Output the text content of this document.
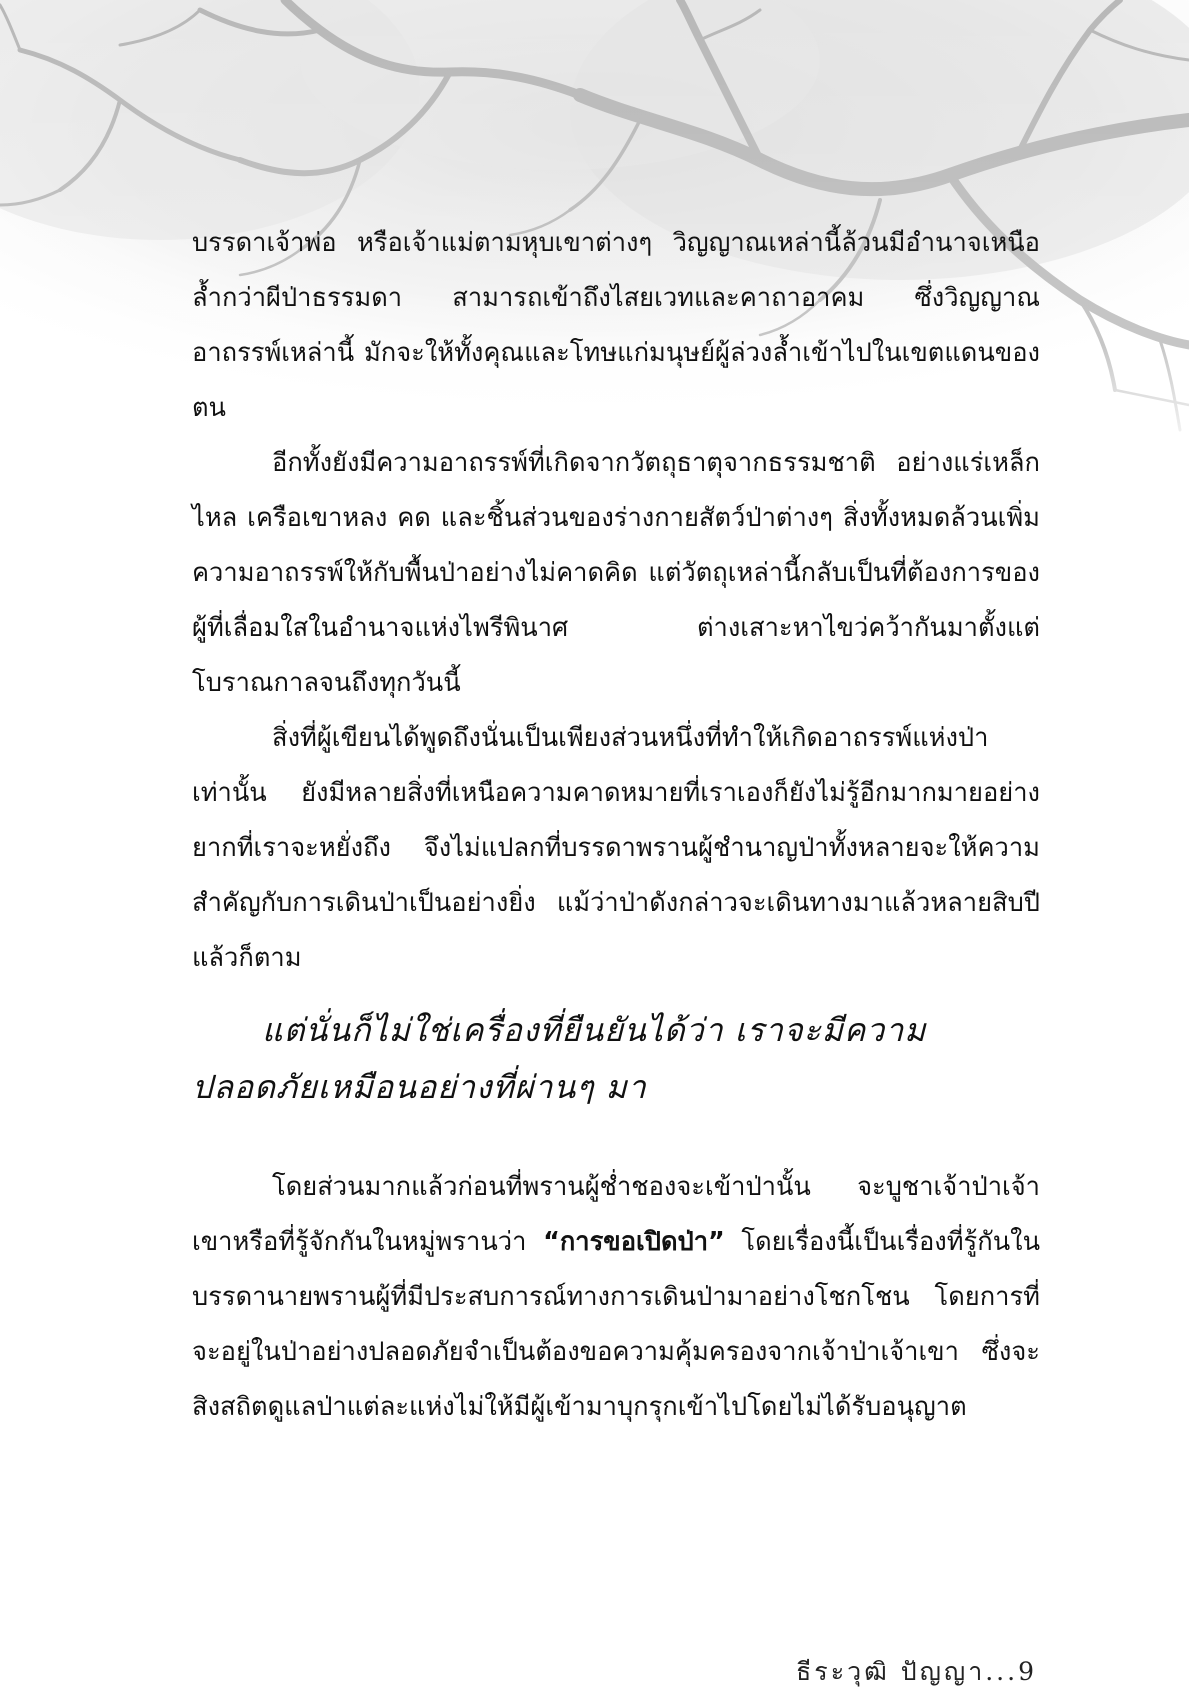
บรรดาเจ้าพ่อ หรือเจ้าแม่ตามหุบเขาต่างๆ วิญญาณเหล่านี้ล้วนมีอำนาจเหนือล้ำกว่าผีป่าธรรมดา สามารถเข้าถึงไสยเวทและคาถาอาคม ซึ่งวิญญาณอาถรรพ์เหล่านี้ มักจะให้ทั้งคุณและโทษแก่มนุษย์ผู้ล่วงล้ำเข้าไปในเขตแดนของตน

อีกทั้งยังมีความอาถรรพ์ที่เกิดจากวัตถุธาตุจากธรรมชาติ อย่างแร่เหล็กไหล เครือเขาหลง คด และชิ้นส่วนของร่างกายสัตว์ป่าต่างๆ สิ่งทั้งหมดล้วนเพิ่มความอาถรรพ์ให้กับพื้นป่าอย่างไม่คาดคิด แต่วัตถุเหล่านี้กลับเป็นที่ต้องการของผู้ที่เลื่อมใสในอำนาจแห่งไพรีพินาศ ต่างเสาะหาไขว่คว้ากันมาตั้งแต่โบราณกาลจนถึงทุกวันนี้

สิ่งที่ผู้เขียนได้พูดถึงนั่นเป็นเพียงส่วนหนึ่งที่ทำให้เกิดอาถรรพ์แห่งป่าเท่านั้น ยังมีหลายสิ่งที่เหนือความคาดหมายที่เราเองก็ยังไม่รู้อีกมากมายอย่างยากที่เราจะหยั่งถึง จึงไม่แปลกที่บรรดาพรานผู้ชำนาญป่าทั้งหลายจะให้ความสำคัญกับการเดินป่าเป็นอย่างยิ่ง แม้ว่าป่าดังกล่าวจะเดินทางมาแล้วหลายสิบปีแล้วก็ตาม

แต่นั่นก็ไม่ใช่เครื่องที่ยืนยันได้ว่า เราจะมีความ
ปลอดภัยเหมือนอย่างที่ผ่านๆ มา

โดยส่วนมากแล้วก่อนที่พรานผู้ช่ำชองจะเข้าป่านั้น จะบูชาเจ้าป่าเจ้าเขาหรือที่รู้จักกันในหมู่พรานว่า “การขอเปิดป่า” โดยเรื่องนี้เป็นเรื่องที่รู้กันในบรรดานายพรานผู้ที่มีประสบการณ์ทางการเดินป่ามาอย่างโชกโชน โดยการที่จะอยู่ในป่าอย่างปลอดภัยจำเป็นต้องขอความคุ้มครองจากเจ้าป่าเจ้าเขา ซึ่งจะสิงสถิตดูแลป่าแต่ละแห่งไม่ให้มีผู้เข้ามาบุกรุกเข้าไปโดยไม่ได้รับอนุญาต

ธีระวุฒิ ปัญญา...9
